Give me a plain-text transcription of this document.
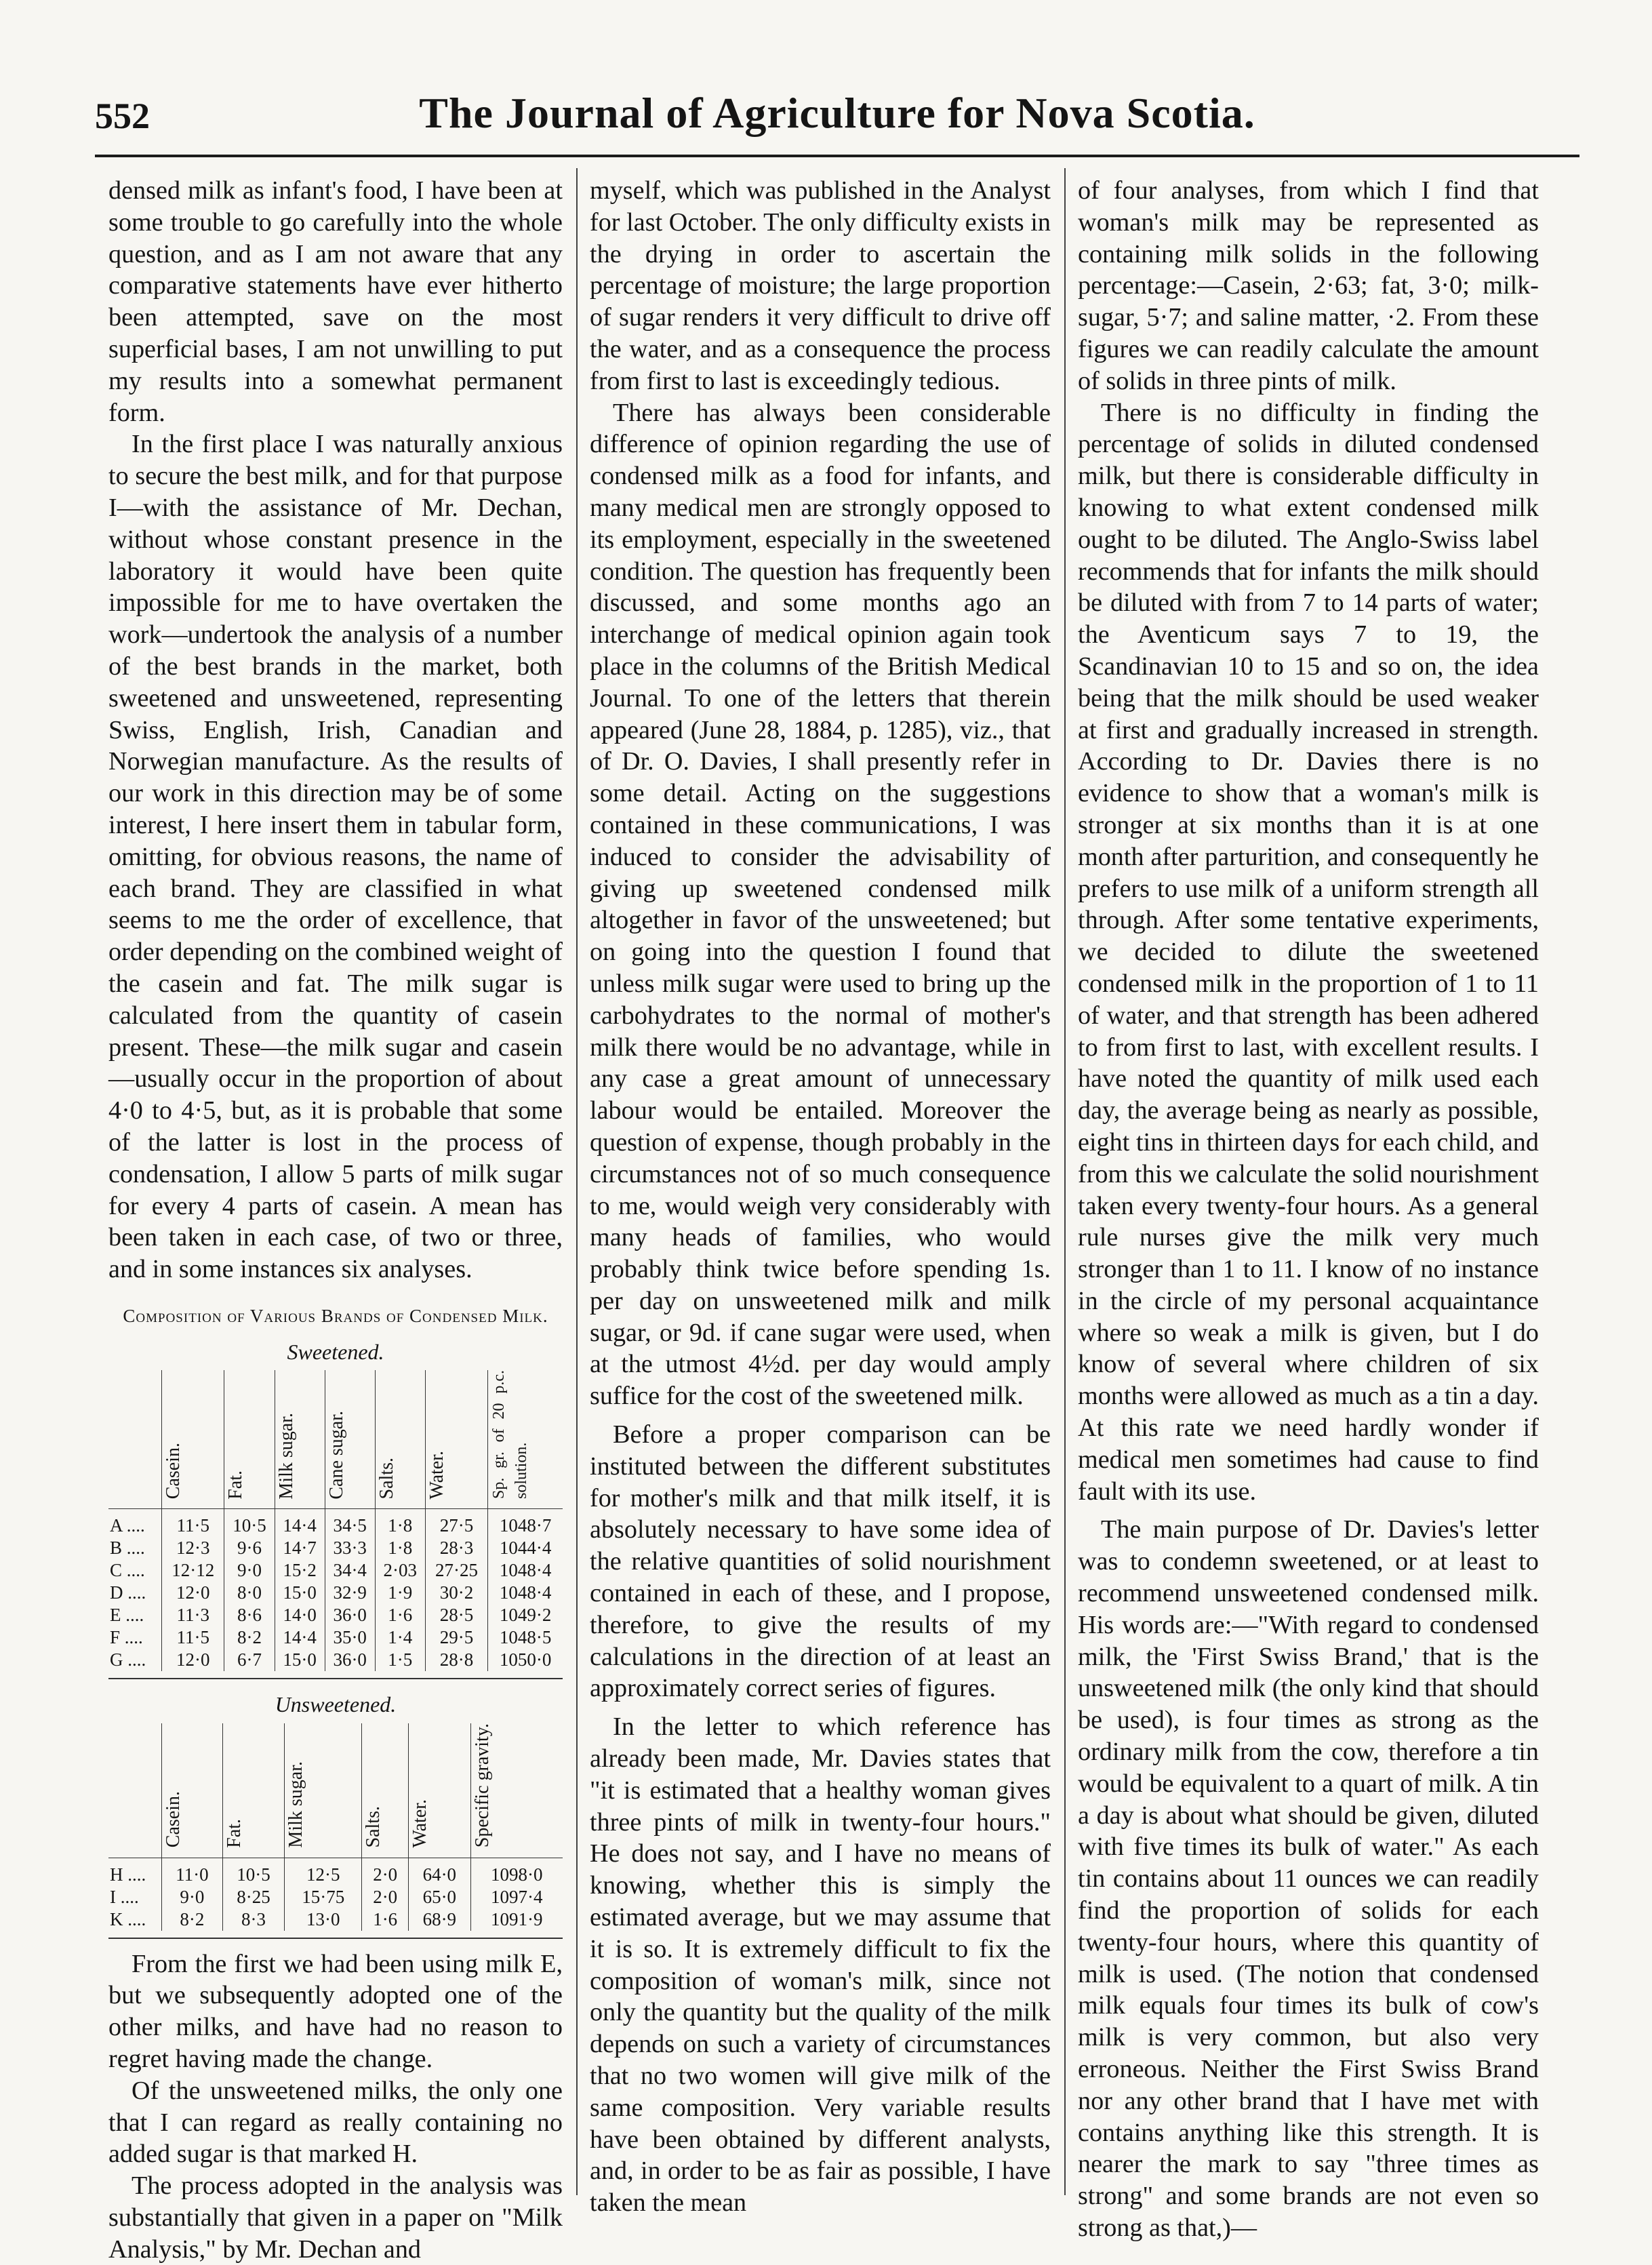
552	The Journal of Agriculture for Nova Scotia.

densed milk as infant's food, I have been at some trouble to go carefully into the whole question, and as I am not aware that any comparative statements have ever hitherto been attempted, save on the most superficial bases, I am not unwilling to put my results into a somewhat permanent form.

In the first place I was naturally anxious to secure the best milk, and for that purpose I—with the assistance of Mr. Dechan, without whose constant presence in the laboratory it would have been quite impossible for me to have overtaken the work—undertook the analysis of a number of the best brands in the market, both sweetened and unsweetened, representing Swiss, English, Irish, Canadian and Norwegian manufacture. As the results of our work in this direction may be of some interest, I here insert them in tabular form, omitting, for obvious reasons, the name of each brand. They are classified in what seems to me the order of excellence, that order depending on the combined weight of the casein and fat. The milk sugar is calculated from the quantity of casein present. These—the milk sugar and casein—usually occur in the proportion of about 4·0 to 4·5, but, as it is probable that some of the latter is lost in the process of condensation, I allow 5 parts of milk sugar for every 4 parts of casein. A mean has been taken in each case, of two or three, and in some instances six analyses.

Composition of Various Brands of Condensed Milk.
Sweetened.
	Casein.	Fat.	Milk sugar.	Cane sugar.	Salts.	Water.	Sp. gr. of 20 p.c. solution.
A ....	11·5	10·5	14·4	34·5	1·8	27·5	1048·7
B ....	12·3	9·6	14·7	33·3	1·8	28·3	1044·4
C ....	12·12	9·0	15·2	34·4	2·03	27·25	1048·4
D ....	12·0	8·0	15·0	32·9	1·9	30·2	1048·4
E ....	11·3	8·6	14·0	36·0	1·6	28·5	1049·2
F ....	11·5	8·2	14·4	35·0	1·4	29·5	1048·5
G ....	12·0	6·7	15·0	36·0	1·5	28·8	1050·0
Unsweetened.
	Casein.	Fat.	Milk sugar.	Salts.	Water.	Specific gravity.
H ....	11·0	10·5	12·5	2·0	64·0	1098·0
I ....	9·0	8·25	15·75	2·0	65·0	1097·4
K ....	8·2	8·3	13·0	1·6	68·9	1091·9

From the first we had been using milk E, but we subsequently adopted one of the other milks, and have had no reason to regret having made the change.

Of the unsweetened milks, the only one that I can regard as really containing no added sugar is that marked H.

The process adopted in the analysis was substantially that given in a paper on "Milk Analysis," by Mr. Dechan and

myself, which was published in the Analyst for last October. The only difficulty exists in the drying in order to ascertain the percentage of moisture; the large proportion of sugar renders it very difficult to drive off the water, and as a consequence the process from first to last is exceedingly tedious.

There has always been considerable difference of opinion regarding the use of condensed milk as a food for infants, and many medical men are strongly opposed to its employment, especially in the sweetened condition. The question has frequently been discussed, and some months ago an interchange of medical opinion again took place in the columns of the British Medical Journal. To one of the letters that therein appeared (June 28, 1884, p. 1285), viz., that of Dr. O. Davies, I shall presently refer in some detail. Acting on the suggestions contained in these communications, I was induced to consider the advisability of giving up sweetened condensed milk altogether in favor of the unsweetened; but on going into the question I found that unless milk sugar were used to bring up the carbohydrates to the normal of mother's milk there would be no advantage, while in any case a great amount of unnecessary labour would be entailed. Moreover the question of expense, though probably in the circumstances not of so much consequence to me, would weigh very considerably with many heads of families, who would probably think twice before spending 1s. per day on unsweetened milk and milk sugar, or 9d. if cane sugar were used, when at the utmost 4½d. per day would amply suffice for the cost of the sweetened milk.

Before a proper comparison can be instituted between the different substitutes for mother's milk and that milk itself, it is absolutely necessary to have some idea of the relative quantities of solid nourishment contained in each of these, and I propose, therefore, to give the results of my calculations in the direction of at least an approximately correct series of figures.

In the letter to which reference has already been made, Mr. Davies states that "it is estimated that a healthy woman gives three pints of milk in twenty-four hours." He does not say, and I have no means of knowing, whether this is simply the estimated average, but we may assume that it is so. It is extremely difficult to fix the composition of woman's milk, since not only the quantity but the quality of the milk depends on such a variety of circumstances that no two women will give milk of the same composition. Very variable results have been obtained by different analysts, and, in order to be as fair as possible, I have taken the mean

of four analyses, from which I find that woman's milk may be represented as containing milk solids in the following percentage:—Casein, 2·63; fat, 3·0; milk-sugar, 5·7; and saline matter, ·2. From these figures we can readily calculate the amount of solids in three pints of milk.

There is no difficulty in finding the percentage of solids in diluted condensed milk, but there is considerable difficulty in knowing to what extent condensed milk ought to be diluted. The Anglo-Swiss label recommends that for infants the milk should be diluted with from 7 to 14 parts of water; the Aventicum says 7 to 19, the Scandinavian 10 to 15 and so on, the idea being that the milk should be used weaker at first and gradually increased in strength. According to Dr. Davies there is no evidence to show that a woman's milk is stronger at six months than it is at one month after parturition, and consequently he prefers to use milk of a uniform strength all through. After some tentative experiments, we decided to dilute the sweetened condensed milk in the proportion of 1 to 11 of water, and that strength has been adhered to from first to last, with excellent results. I have noted the quantity of milk used each day, the average being as nearly as possible, eight tins in thirteen days for each child, and from this we calculate the solid nourishment taken every twenty-four hours. As a general rule nurses give the milk very much stronger than 1 to 11. I know of no instance in the circle of my personal acquaintance where so weak a milk is given, but I do know of several where children of six months were allowed as much as a tin a day. At this rate we need hardly wonder if medical men sometimes had cause to find fault with its use.

The main purpose of Dr. Davies's letter was to condemn sweetened, or at least to recommend unsweetened condensed milk. His words are:—"With regard to condensed milk, the 'First Swiss Brand,' that is the unsweetened milk (the only kind that should be used), is four times as strong as the ordinary milk from the cow, therefore a tin would be equivalent to a quart of milk. A tin a day is about what should be given, diluted with five times its bulk of water." As each tin contains about 11 ounces we can readily find the proportion of solids for each twenty-four hours, where this quantity of milk is used. (The notion that condensed milk equals four times its bulk of cow's milk is very common, but also very erroneous. Neither the First Swiss Brand nor any other brand that I have met with contains anything like this strength. It is nearer the mark to say "three times as strong" and some brands are not even so strong as that,)—
